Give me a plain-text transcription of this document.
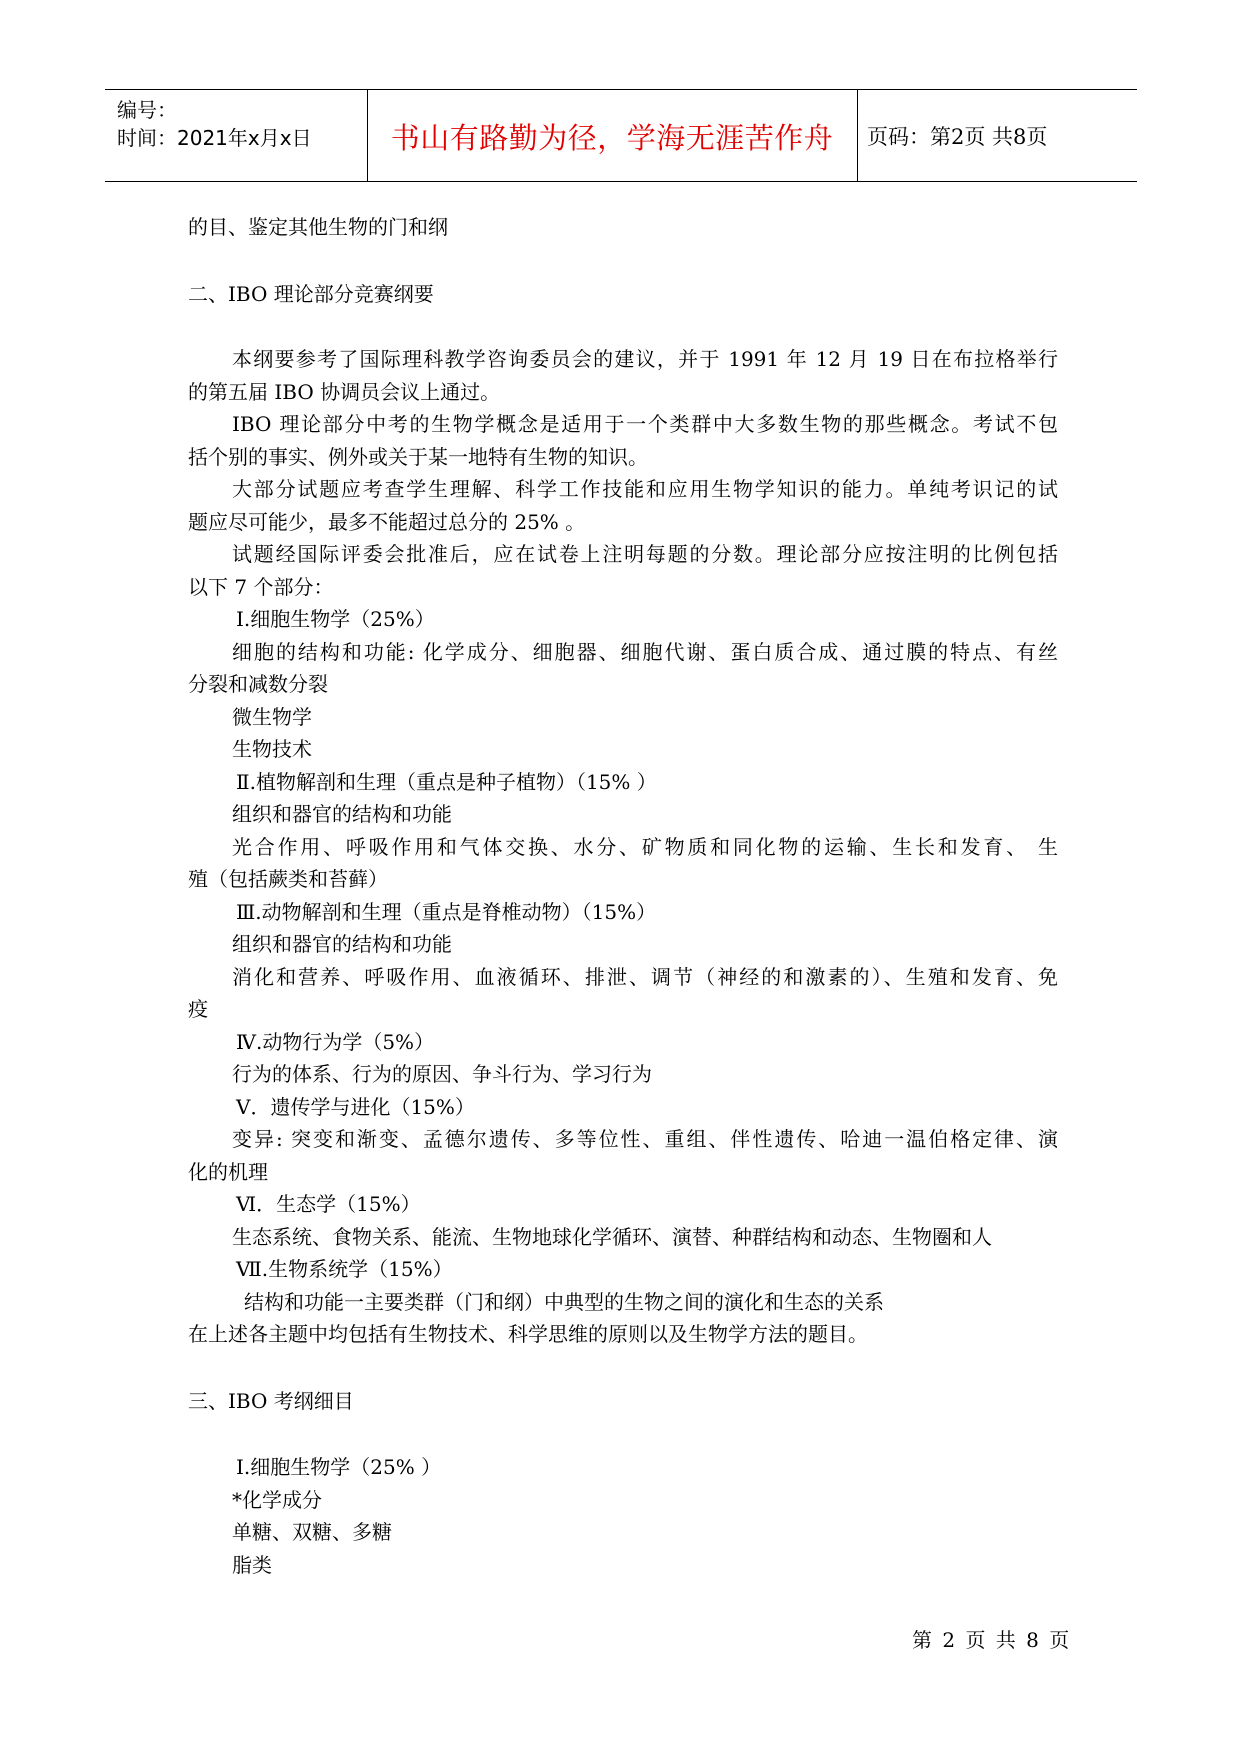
编号：
时间：2021年x月x日	书山有路勤为径，学海无涯苦作舟	页码：第2页 共8页
的目、鉴定其他生物的门和纲
二、IBO 理论部分竞赛纲要
本纲要参考了国际理科教学咨询委员会的建议，并于 1991 年 12 月 19 日在布拉格举行
的第五届 IBO 协调员会议上通过。
IBO 理论部分中考的生物学概念是适用于一个类群中大多数生物的那些概念。考试不包
括个别的事实、例外或关于某一地特有生物的知识。
大部分试题应考查学生理解、科学工作技能和应用生物学知识的能力。单纯考识记的试
题应尽可能少，最多不能超过总分的 25% 。
试题经国际评委会批准后，应在试卷上注明每题的分数。理论部分应按注明的比例包括
以下 7 个部分：
Ⅰ.细胞生物学（25%）
细胞的结构和功能: 化学成分、细胞器、细胞代谢、蛋白质合成、通过膜的特点、有丝
分裂和减数分裂
微生物学
生物技术
Ⅱ.植物解剖和生理（重点是种子植物）（15% ）
组织和器官的结构和功能
光合作用、呼吸作用和气体交换、水分、矿物质和同化物的运输、生长和发育、 生
殖（包括蕨类和苔藓）
Ⅲ.动物解剖和生理（重点是脊椎动物）（15%）
组织和器官的结构和功能
消化和营养、呼吸作用、血液循环、排泄、调节（神经的和激素的）、生殖和发育、免
疫
Ⅳ.动物行为学（5%）
行为的体系、行为的原因、争斗行为、学习行为
Ⅴ．遗传学与进化（15%）
变异: 突变和渐变、孟德尔遗传、多等位性、重组、伴性遗传、哈迪一温伯格定律、演
化的机理
Ⅵ．生态学（15%）
生态系统、食物关系、能流、生物地球化学循环、演替、种群结构和动态、生物圈和人
Ⅶ.生物系统学（15%）
结构和功能一主要类群（门和纲）中典型的生物之间的演化和生态的关系
在上述各主题中均包括有生物技术、科学思维的原则以及生物学方法的题目。
三、IBO 考纲细目
Ⅰ.细胞生物学（25% ）
*化学成分
单糖、双糖、多糖
脂类
第 2 页 共 8 页
